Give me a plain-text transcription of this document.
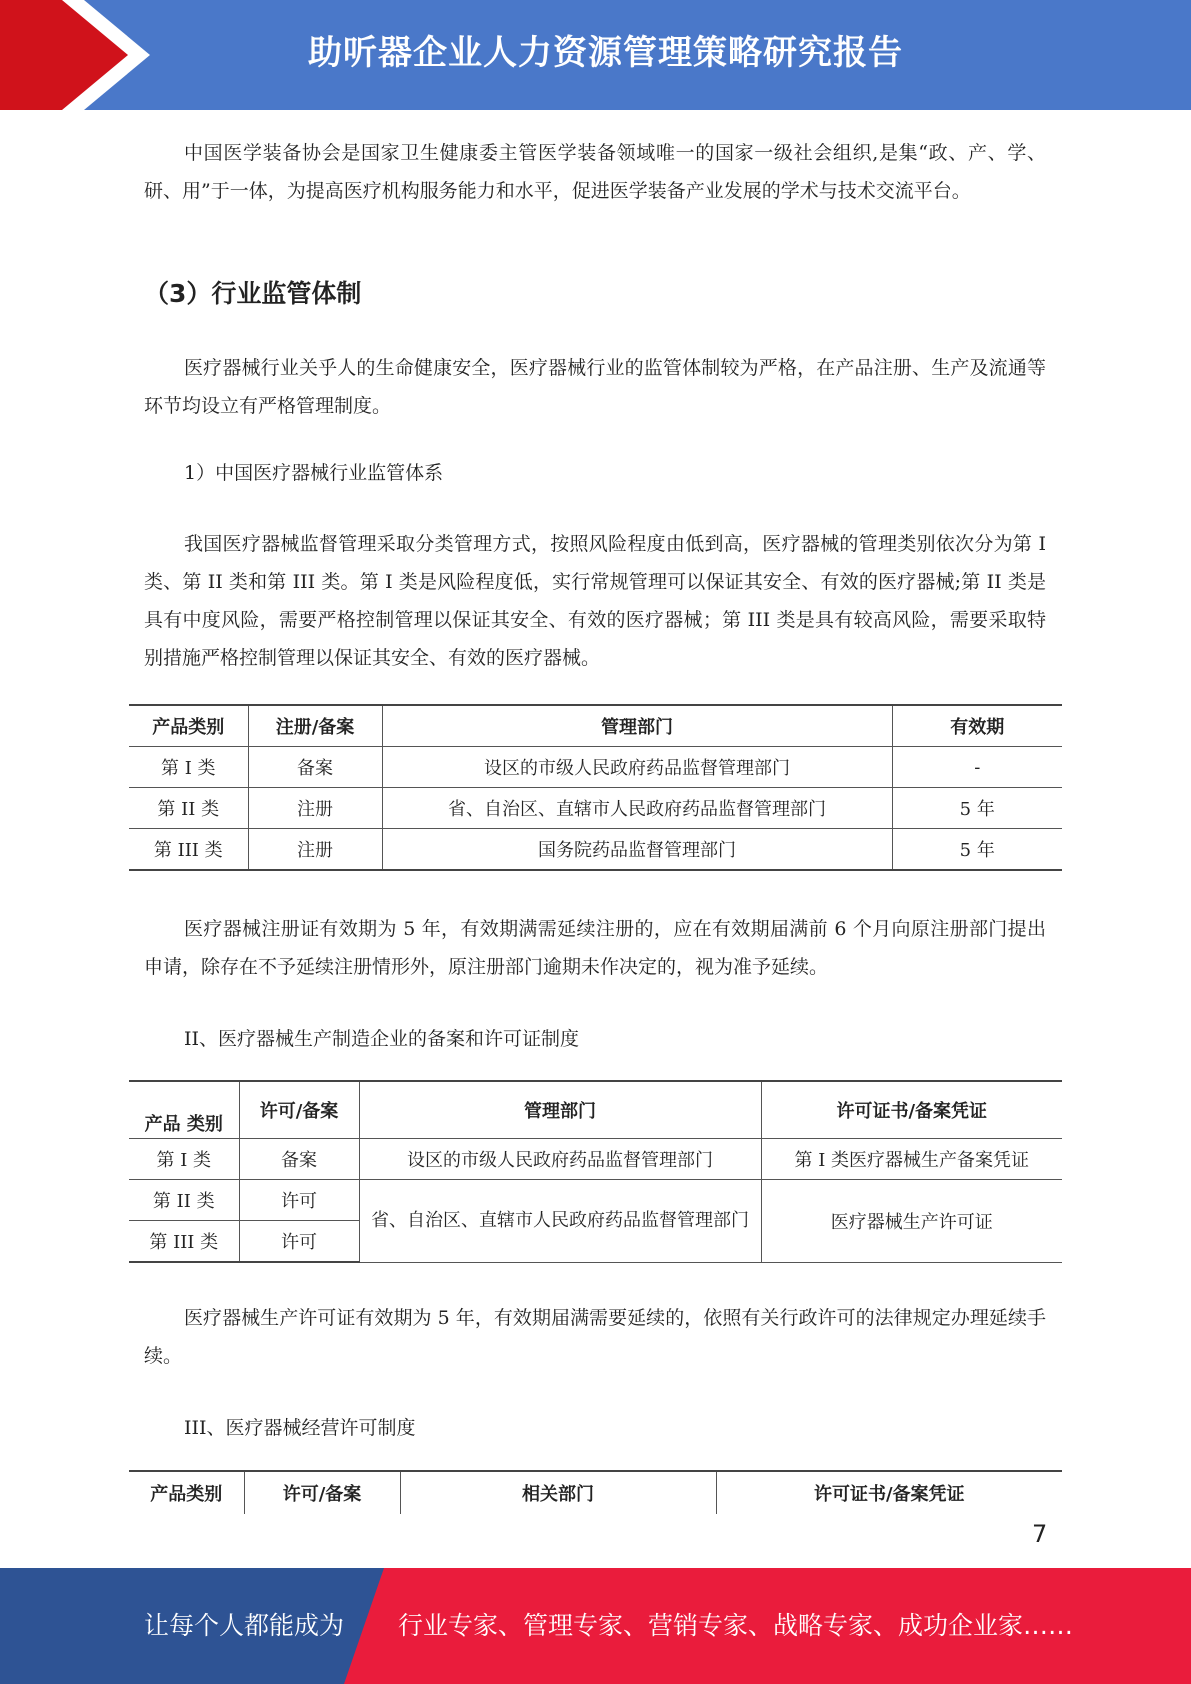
助听器企业人力资源管理策略研究报告

中国医学装备协会是国家卫生健康委主管医学装备领域唯一的国家一级社会组织,是集“政、产、学、研、用”于一体，为提高医疗机构服务能力和水平，促进医学装备产业发展的学术与技术交流平台。

（3）行业监管体制

医疗器械行业关乎人的生命健康安全，医疗器械行业的监管体制较为严格，在产品注册、生产及流通等环节均设立有严格管理制度。

1）中国医疗器械行业监管体系

我国医疗器械监督管理采取分类管理方式，按照风险程度由低到高，医疗器械的管理类别依次分为第 I 类、第 II 类和第 III 类。第 I 类是风险程度低，实行常规管理可以保证其安全、有效的医疗器械;第 II 类是具有中度风险，需要严格控制管理以保证其安全、有效的医疗器械；第 III 类是具有较高风险，需要采取特别措施严格控制管理以保证其安全、有效的医疗器械。

产品类别	注册/备案	管理部门	有效期
第 I 类	备案	设区的市级人民政府药品监督管理部门	-
第 II 类	注册	省、自治区、直辖市人民政府药品监督管理部门	5 年
第 III 类	注册	国务院药品监督管理部门	5 年

医疗器械注册证有效期为 5 年，有效期满需延续注册的，应在有效期届满前 6 个月向原注册部门提出申请，除存在不予延续注册情形外，原注册部门逾期未作决定的，视为准予延续。

II、医疗器械生产制造企业的备案和许可证制度

产品 类别	许可/备案	管理部门	许可证书/备案凭证
第 I 类	备案	设区的市级人民政府药品监督管理部门	第 I 类医疗器械生产备案凭证
第 II 类	许可	省、自治区、直辖市人民政府药品监督管理部门	医疗器械生产许可证
第 III 类	许可		

医疗器械生产许可证有效期为 5 年，有效期届满需要延续的，依照有关行政许可的法律规定办理延续手续。

III、医疗器械经营许可制度

产品类别	许可/备案	相关部门	许可证书/备案凭证
7
让每个人都能成为 行业专家、管理专家、营销专家、战略专家、成功企业家……
